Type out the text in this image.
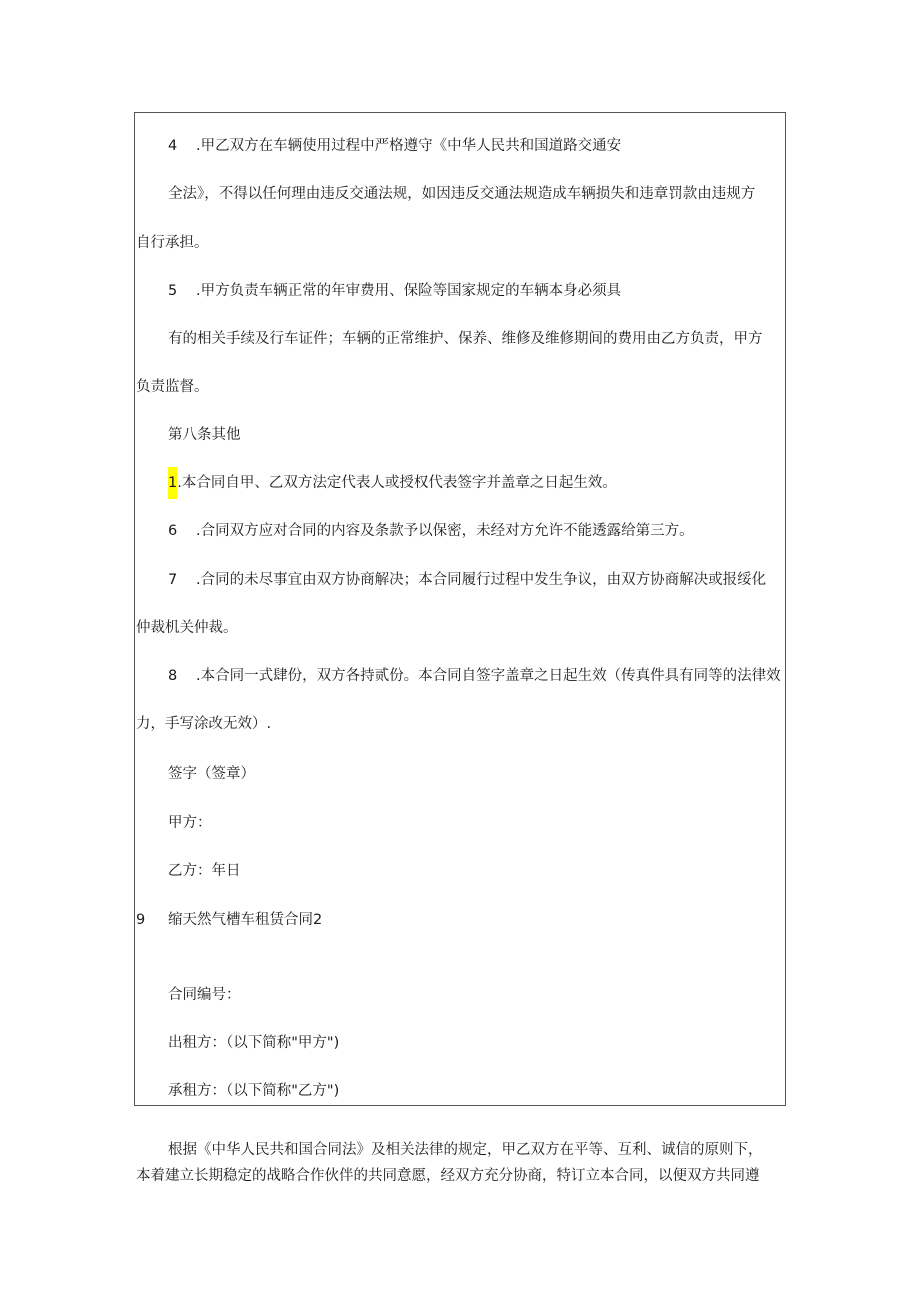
4 .甲乙双方在车辆使用过程中严格遵守《中华人民共和国道路交通安
全法》，不得以任何理由违反交通法规，如因违反交通法规造成车辆损失和违章罚款由违规方
自行承担。
5 .甲方负责车辆正常的年审费用、保险等国家规定的车辆本身必须具
有的相关手续及行车证件；车辆的正常维护、保养、维修及维修期间的费用由乙方负责，甲方
负责监督。
第八条其他
1.本合同自甲、乙双方法定代表人或授权代表签字并盖章之日起生效。
6 .合同双方应对合同的内容及条款予以保密，未经对方允许不能透露给第三方。
7 .合同的未尽事宜由双方协商解决；本合同履行过程中发生争议，由双方协商解决或报绥化
仲裁机关仲裁。
8 .本合同一式肆份，双方各持贰份。本合同自签字盖章之日起生效（传真件具有同等的法律效
力，手写涂改无效）.
签字（签章）
甲方：
乙方：年日
9 缩天然气槽车租赁合同2
合同编号：
出租方：（以下简称"甲方")
承租方：（以下简称"乙方")
根据《中华人民共和国合同法》及相关法律的规定，甲乙双方在平等、互利、诚信的原则下，
本着建立长期稳定的战略合作伙伴的共同意愿，经双方充分协商，特订立本合同，以便双方共同遵
